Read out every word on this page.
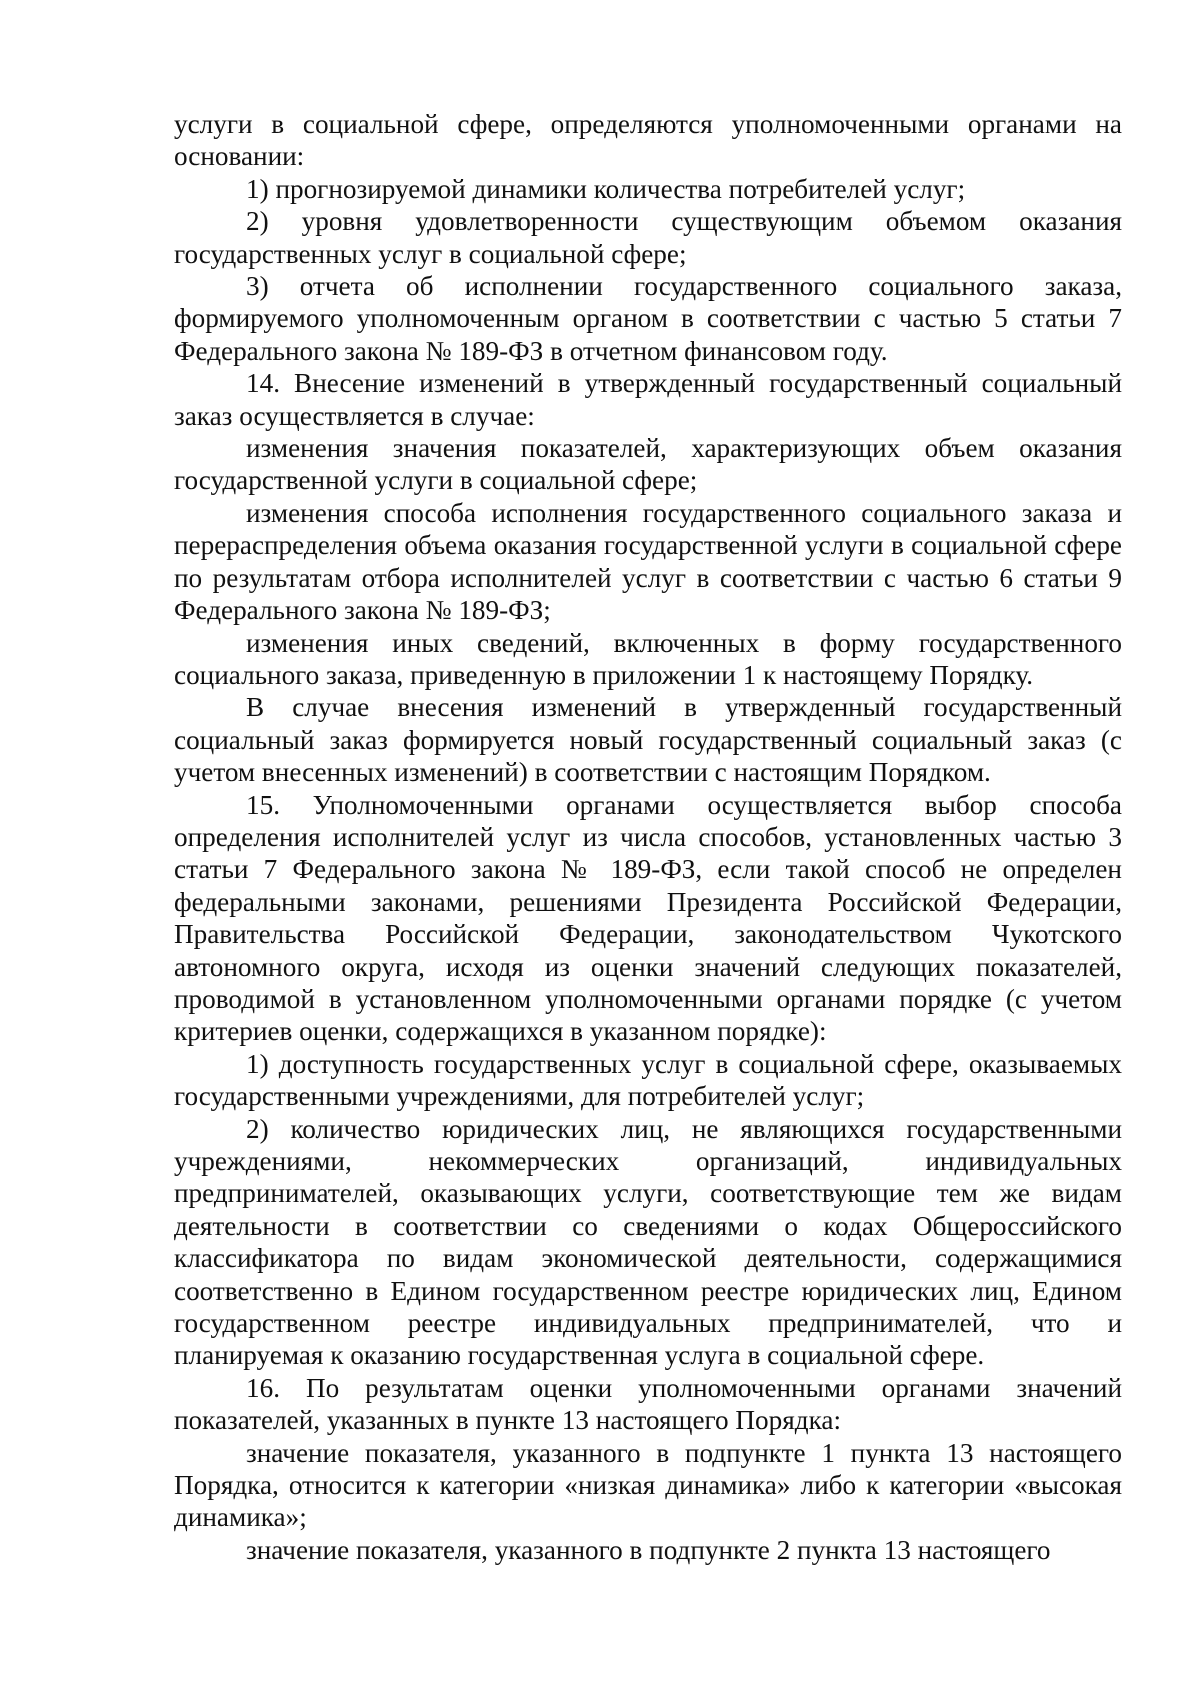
услуги в социальной сфере, определяются уполномоченными органами на основании:

1) прогнозируемой динамики количества потребителей услуг;

2) уровня удовлетворенности существующим объемом оказания государственных услуг в социальной сфере;

3) отчета об исполнении государственного социального заказа, формируемого уполномоченным органом в соответствии с частью 5 статьи 7 Федерального закона № 189-ФЗ в отчетном финансовом году.

14. Внесение изменений в утвержденный государственный социальный заказ осуществляется в случае:

изменения значения показателей, характеризующих объем оказания государственной услуги в социальной сфере;

изменения способа исполнения государственного социального заказа и перераспределения объема оказания государственной услуги в социальной сфере по результатам отбора исполнителей услуг в соответствии с частью 6 статьи 9 Федерального закона № 189-ФЗ;

изменения иных сведений, включенных в форму государственного социального заказа, приведенную в приложении 1 к настоящему Порядку.

В случае внесения изменений в утвержденный государственный социальный заказ формируется новый государственный социальный заказ (с учетом внесенных изменений) в соответствии с настоящим Порядком.

15. Уполномоченными органами осуществляется выбор способа определения исполнителей услуг из числа способов, установленных частью 3 статьи 7 Федерального закона № 189-ФЗ, если такой способ не определен федеральными законами, решениями Президента Российской Федерации, Правительства Российской Федерации, законодательством Чукотского автономного округа, исходя из оценки значений следующих показателей, проводимой в установленном уполномоченными органами порядке (с учетом критериев оценки, содержащихся в указанном порядке):

1) доступность государственных услуг в социальной сфере, оказываемых государственными учреждениями, для потребителей услуг;

2) количество юридических лиц, не являющихся государственными учреждениями, некоммерческих организаций, индивидуальных предпринимателей, оказывающих услуги, соответствующие тем же видам деятельности в соответствии со сведениями о кодах Общероссийского классификатора по видам экономической деятельности, содержащимися соответственно в Едином государственном реестре юридических лиц, Едином государственном реестре индивидуальных предпринимателей, что и планируемая к оказанию государственная услуга в социальной сфере.

16. По результатам оценки уполномоченными органами значений показателей, указанных в пункте 13 настоящего Порядка:

значение показателя, указанного в подпункте 1 пункта 13 настоящего Порядка, относится к категории «низкая динамика» либо к категории «высокая динамика»;

значение показателя, указанного в подпункте 2 пункта 13 настоящего
